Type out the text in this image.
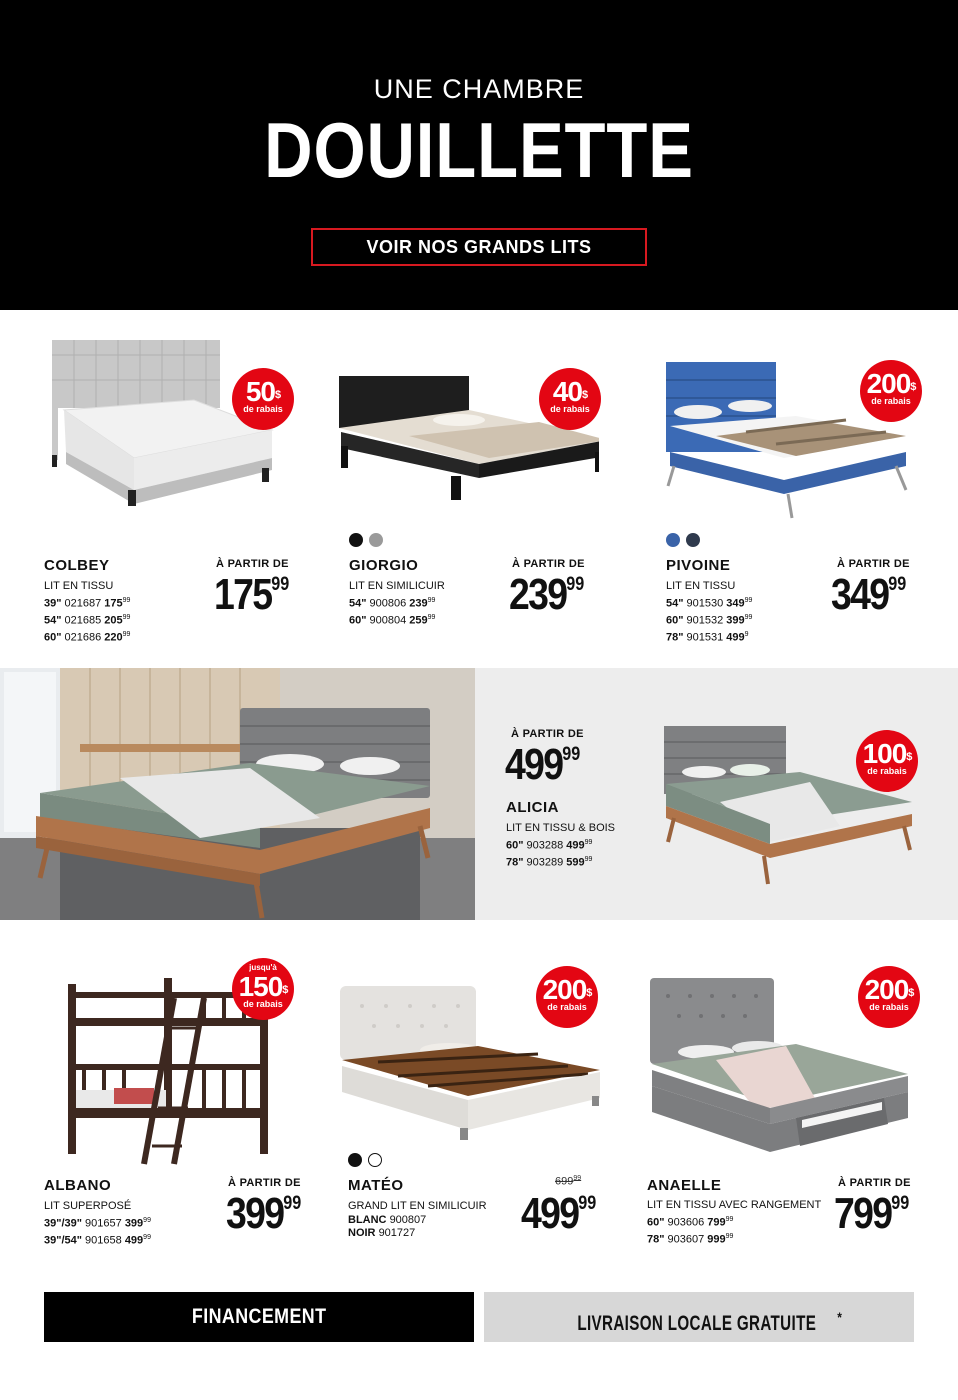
UNE CHAMBRE
DOUILLETTE
VOIR NOS GRANDS LITS
50$
de rabais
COLBEY
LIT EN TISSU
39" 021687 $175^{99}$
54" 021685 $205^{99}$
60" 021686 $220^{99}$
À PARTIR DE
$175^{99}$
40$
de rabais
GIORGIO
LIT EN SIMILICUIR
54" 900806 $239^{99}$
60" 900804 $259^{99}$
À PARTIR DE
$239^{99}$
200$
de rabais
PIVOINE
LIT EN TISSU
54" 901530 $349^{99}$
60" 901532 $399^{99}$
78" 901531 $499^9$
À PARTIR DE
$349^{99}$
À PARTIR DE
$499^{99}$
ALICIA
LIT EN TISSU & BOIS
60" 903288 $499^{99}$
78" 903289 $599^{99}$
100$
de rabais
jusqu'à
150$
de rabais
ALBANO
LIT SUPERPOSÉ
39"/39" 901657 $399^{99}$
39"/54" 901658 $499^{99}$
À PARTIR DE
$399^{99}$
200$
de rabais
MATÉO
GRAND LIT EN SIMILICUIR
BLANC 900807
NOIR 901727
$699^{99}$
$499^{99}$
200$
de rabais
ANAELLE
LIT EN TISSU AVEC RANGEMENT
60" 903606 $799^{99}$
78" 903607 $999^{99}$
À PARTIR DE
$799^{99}$
FINANCEMENT	LIVRAISON LOCALE GRATUITE *
